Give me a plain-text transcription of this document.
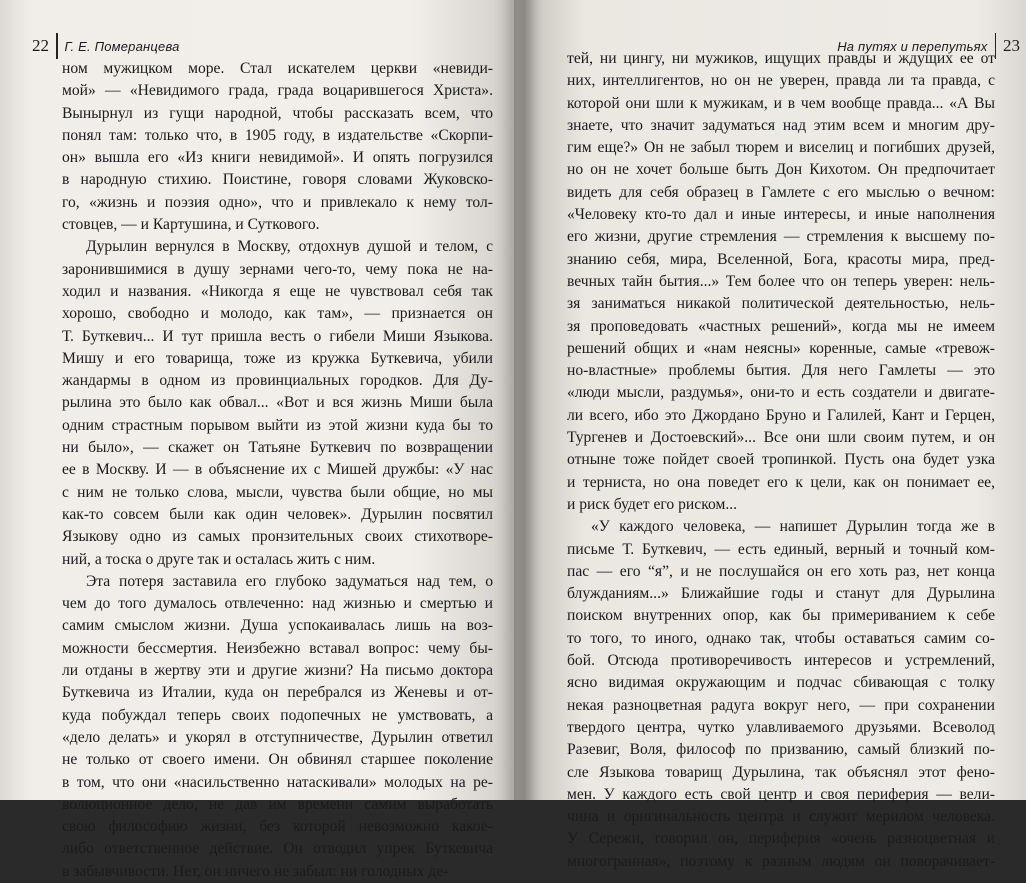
22 Г. Е. Померанцева
ном мужицком море. Стал искателем церкви «невиди-
мой» — «Невидимого града, града воцарившегося Христа».
Вынырнул из гущи народной, чтобы рассказать всем, что
понял там: только что, в 1905 году, в издательстве «Скорпи-
он» вышла его «Из книги невидимой». И опять погрузился
в народную стихию. Поистине, говоря словами Жуковско-
го, «жизнь и поэзия одно», что и привлекало к нему тол-
стовцев, — и Картушина, и Суткового.
Дурылин вернулся в Москву, отдохнув душой и телом, с
заронившимися в душу зернами чего-то, чему пока не на-
ходил и названия. «Никогда я еще не чувствовал себя так
хорошо, свободно и молодо, как там», — признается он
Т. Буткевич... И тут пришла весть о гибели Миши Языкова.
Мишу и его товарища, тоже из кружка Буткевича, убили
жандармы в одном из провинциальных городков. Для Ду-
рылина это было как обвал... «Вот и вся жизнь Миши была
одним страстным порывом выйти из этой жизни куда бы то
ни было», — скажет он Татьяне Буткевич по возвращении
ее в Москву. И — в объяснение их с Мишей дружбы: «У нас
с ним не только слова, мысли, чувства были общие, но мы
как-то совсем были как один человек». Дурылин посвятил
Языкову одно из самых пронзительных своих стихотворе-
ний, а тоска о друге так и осталась жить с ним.
Эта потеря заставила его глубоко задуматься над тем, о
чем до того думалось отвлеченно: над жизнью и смертью и
самим смыслом жизни. Душа успокаивалась лишь на воз-
можности бессмертия. Неизбежно вставал вопрос: чему бы-
ли отданы в жертву эти и другие жизни? На письмо доктора
Буткевича из Италии, куда он перебрался из Женевы и от-
куда побуждал теперь своих подопечных не умствовать, а
«дело делать» и укорял в отступничестве, Дурылин ответил
не только от своего имени. Он обвинял старшее поколение
в том, что они «насильственно натаскивали» молодых на ре-
волюционное дело, не дав им времени самим выработать
свою философию жизни, без которой невозможно какое-
либо ответственное действие. Он отводил упрек Буткевича
в забывчивости. Нет, он ничего не забыл: ни голодных де-
На путях и перепутьях 23
тей, ни цингу, ни мужиков, ищущих правды и ждущих ее от
них, интеллигентов, но он не уверен, правда ли та правда, с
которой они шли к мужикам, и в чем вообще правда... «А Вы
знаете, что значит задуматься над этим всем и многим дру-
гим еще?» Он не забыл тюрем и виселиц и погибших друзей,
но он не хочет больше быть Дон Кихотом. Он предпочитает
видеть для себя образец в Гамлете с его мыслью о вечном:
«Человеку кто-то дал и иные интересы, и иные наполнения
его жизни, другие стремления — стремления к высшему по-
знанию себя, мира, Вселенной, Бога, красоты мира, пред-
вечных тайн бытия...» Тем более что он теперь уверен: нель-
зя заниматься никакой политической деятельностью, нель-
зя проповедовать «частных решений», когда мы не имеем
решений общих и «нам неясны» коренные, самые «тревож-
но-властные» проблемы бытия. Для него Гамлеты — это
«люди мысли, раздумья», они-то и есть создатели и двигате-
ли всего, ибо это Джордано Бруно и Галилей, Кант и Герцен,
Тургенев и Достоевский»... Все они шли своим путем, и он
отныне тоже пойдет своей тропинкой. Пусть она будет узка
и терниста, но она поведет его к цели, как он понимает ее,
и риск будет его риском...
«У каждого человека, — напишет Дурылин тогда же в
письме Т. Буткевич, — есть единый, верный и точный ком-
пас — его “я”, и не послушайся он его хоть раз, нет конца
блужданиям...» Ближайшие годы и станут для Дурылина
поиском внутренних опор, как бы примериванием к себе
то того, то иного, однако так, чтобы оставаться самим со-
бой. Отсюда противоречивость интересов и устремлений,
ясно видимая окружающим и подчас сбивающая с толку
некая разноцветная радуга вокруг него, — при сохранении
твердого центра, чутко улавливаемого друзьями. Всеволод
Разевиг, Воля, философ по призванию, самый близкий по-
сле Языкова товарищ Дурылина, так объяснял этот фено-
мен. У каждого есть свой центр и своя периферия — вели-
чина и оригинальность центра и служит мерилом человека.
У Сережи, говорил он, периферия «очень разноцветная и
многогранная», поэтому к разным людям он поворачивает-
